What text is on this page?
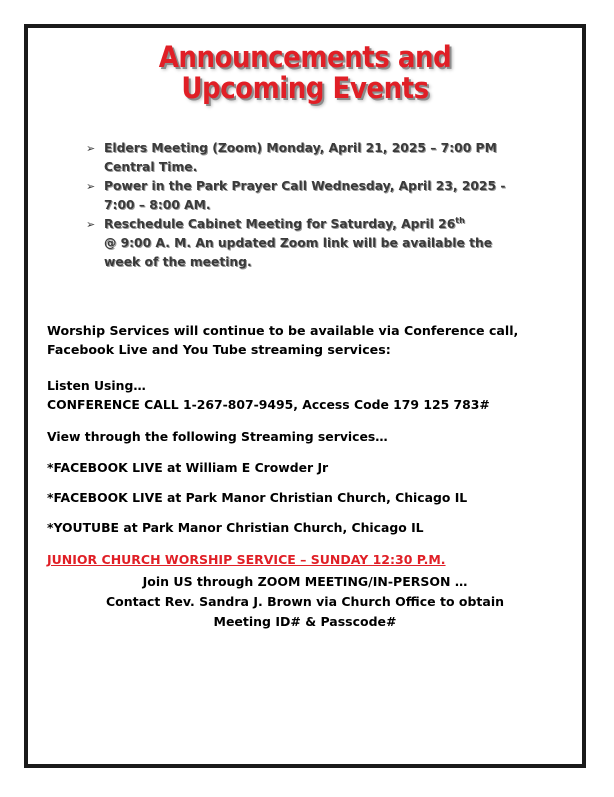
Announcements and
Upcoming Events
➢ Elders Meeting (Zoom) Monday, April 21, 2025 – 7:00 PM
Central Time.
➢ Power in the Park Prayer Call Wednesday, April 23, 2025 -
7:00 – 8:00 AM.
➢ Reschedule Cabinet Meeting for Saturday, April 26th
@ 9:00 A. M. An updated Zoom link will be available the
week of the meeting.
Worship Services will continue to be available via Conference call,
Facebook Live and You Tube streaming services:
Listen Using…
CONFERENCE CALL 1-267-807-9495, Access Code 179 125 783#
View through the following Streaming services…
*FACEBOOK LIVE at William E Crowder Jr
*FACEBOOK LIVE at Park Manor Christian Church, Chicago IL
*YOUTUBE at Park Manor Christian Church, Chicago IL
JUNIOR CHURCH WORSHIP SERVICE – SUNDAY 12:30 P.M.
Join US through ZOOM MEETING/IN-PERSON …
Contact Rev. Sandra J. Brown via Church Office to obtain
Meeting ID# & Passcode#
